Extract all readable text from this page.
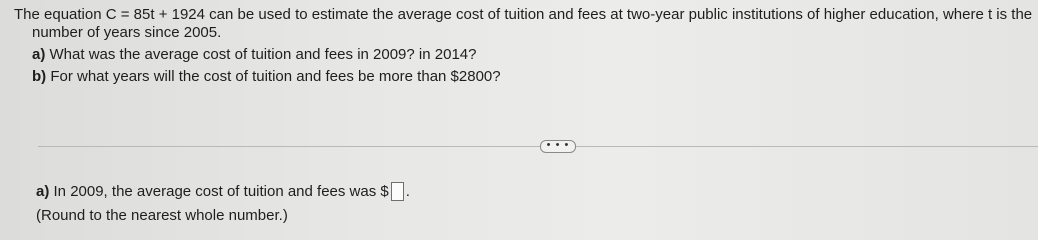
The equation C = 85t + 1924 can be used to estimate the average cost of tuition and fees at two-year public institutions of higher education, where t is the
number of years since 2005.
a) What was the average cost of tuition and fees in 2009? in 2014?
b) For what years will the cost of tuition and fees be more than $2800?
• • •
a)
In 2009, the average cost of tuition and fees was $ .
(Round to the nearest whole number.)
